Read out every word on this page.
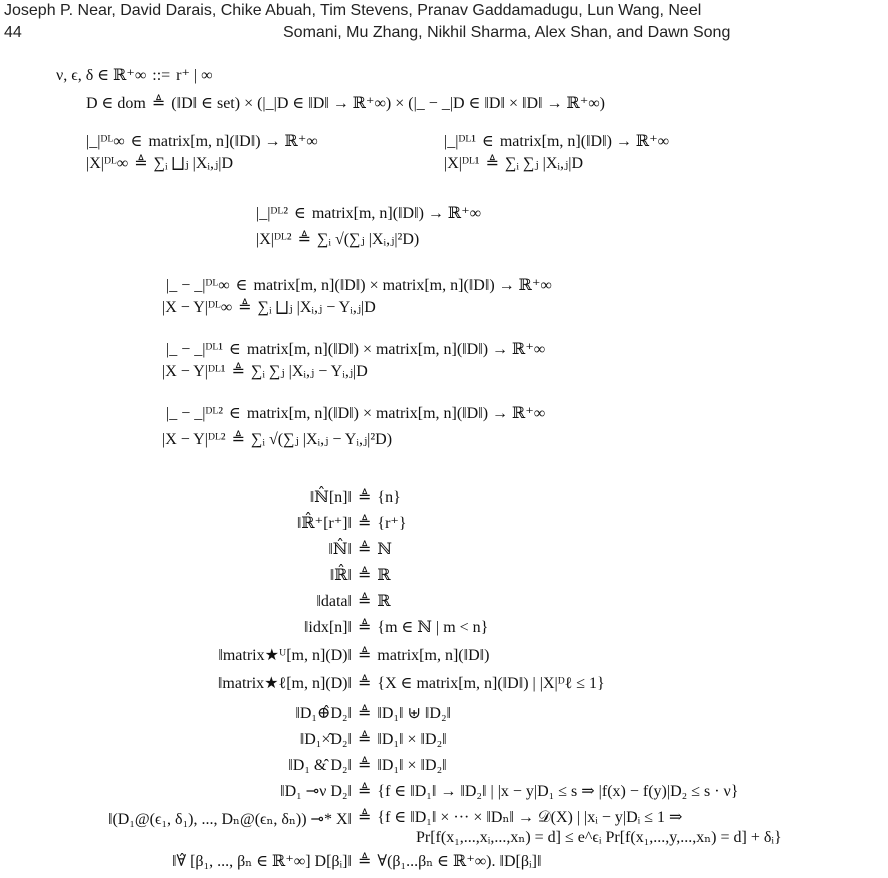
Joseph P. Near, David Darais, Chike Abuah, Tim Stevens, Pranav Gaddamadugu, Lun Wang, Neel
44	Somani, Mu Zhang, Nikhil Sharma, Alex Shan, and Dawn Song
ν, ϵ, δ ∈ ℝ⁺∞ ::= r⁺ | ∞
D ∈ dom ≜ (‖D‖ ∈ set) × (|_|D ∈ ‖D‖ → ℝ⁺∞) × (|_ − _|D ∈ ‖D‖ × ‖D‖ → ℝ⁺∞)
|_|ᴰᴸ∞ ∈ matrix[m, n](‖D‖) → ℝ⁺∞
|X|ᴰᴸ∞ ≜ ∑ᵢ ⨆ⱼ |Xᵢ,ⱼ|D
|_|ᴰᴸ¹ ∈ matrix[m, n](‖D‖) → ℝ⁺∞
|X|ᴰᴸ¹ ≜ ∑ᵢ ∑ⱼ |Xᵢ,ⱼ|D
|_|ᴰᴸ² ∈ matrix[m, n](‖D‖) → ℝ⁺∞
|X|ᴰᴸ² ≜ ∑ᵢ √(∑ⱼ |Xᵢ,ⱼ|²D)
|_ − _|ᴰᴸ∞ ∈ matrix[m, n](‖D‖) × matrix[m, n](‖D‖) → ℝ⁺∞
|X − Y|ᴰᴸ∞ ≜ ∑ᵢ ⨆ⱼ |Xᵢ,ⱼ − Yᵢ,ⱼ|D
|_ − _|ᴰᴸ¹ ∈ matrix[m, n](‖D‖) × matrix[m, n](‖D‖) → ℝ⁺∞
|X − Y|ᴰᴸ¹ ≜ ∑ᵢ ∑ⱼ |Xᵢ,ⱼ − Yᵢ,ⱼ|D
|_ − _|ᴰᴸ² ∈ matrix[m, n](‖D‖) × matrix[m, n](‖D‖) → ℝ⁺∞
|X − Y|ᴰᴸ² ≜ ∑ᵢ √(∑ⱼ |Xᵢ,ⱼ − Yᵢ,ⱼ|²D)
‖ℕ̂[n]‖ ≜ {n}
‖ℝ̂⁺[r⁺]‖ ≜ {r⁺}
‖ℕ̂‖ ≜ ℕ
‖ℝ̂‖ ≜ ℝ
‖data‖ ≜ ℝ
‖idx[n]‖ ≜ {m ∈ ℕ | m < n}
‖matrix★ᵁ[m, n](D)‖ ≜ matrix[m, n](‖D‖)
‖matrix★ℓ[m, n](D)‖ ≜ {X ∈ matrix[m, n](‖D‖) | |X|ᴰℓ ≤ 1}
‖D₁⊕̂D₂‖ ≜ ‖D₁‖ ⊎ ‖D₂‖
‖D₁×̂D₂‖ ≜ ‖D₁‖ × ‖D₂‖
‖D₁ &̂ D₂‖ ≜ ‖D₁‖ × ‖D₂‖
‖D₁ ⊸ν D₂‖ ≜ {f ∈ ‖D₁‖ → ‖D₂‖ | |x − y|D₁ ≤ s ⇒ |f(x) − f(y)|D₂ ≤ s · ν}
‖(D₁@(ϵ₁, δ₁), ..., Dₙ@(ϵₙ, δₙ)) ⊸* X‖ ≜ {f ∈ ‖D₁‖ × ··· × ‖Dₙ‖ → 𝒟(X) | |xᵢ − y|Dᵢ ≤ 1 ⇒
Pr[f(x₁,...,xᵢ,...,xₙ) = d] ≤ e^ϵᵢ Pr[f(x₁,...,y,...,xₙ) = d] + δᵢ}
‖∀̂ [β₁, ..., βₙ ∈ ℝ⁺∞] D[βᵢ]‖ ≜ ∀(β₁...βₙ ∈ ℝ⁺∞). ‖D[βᵢ]‖
